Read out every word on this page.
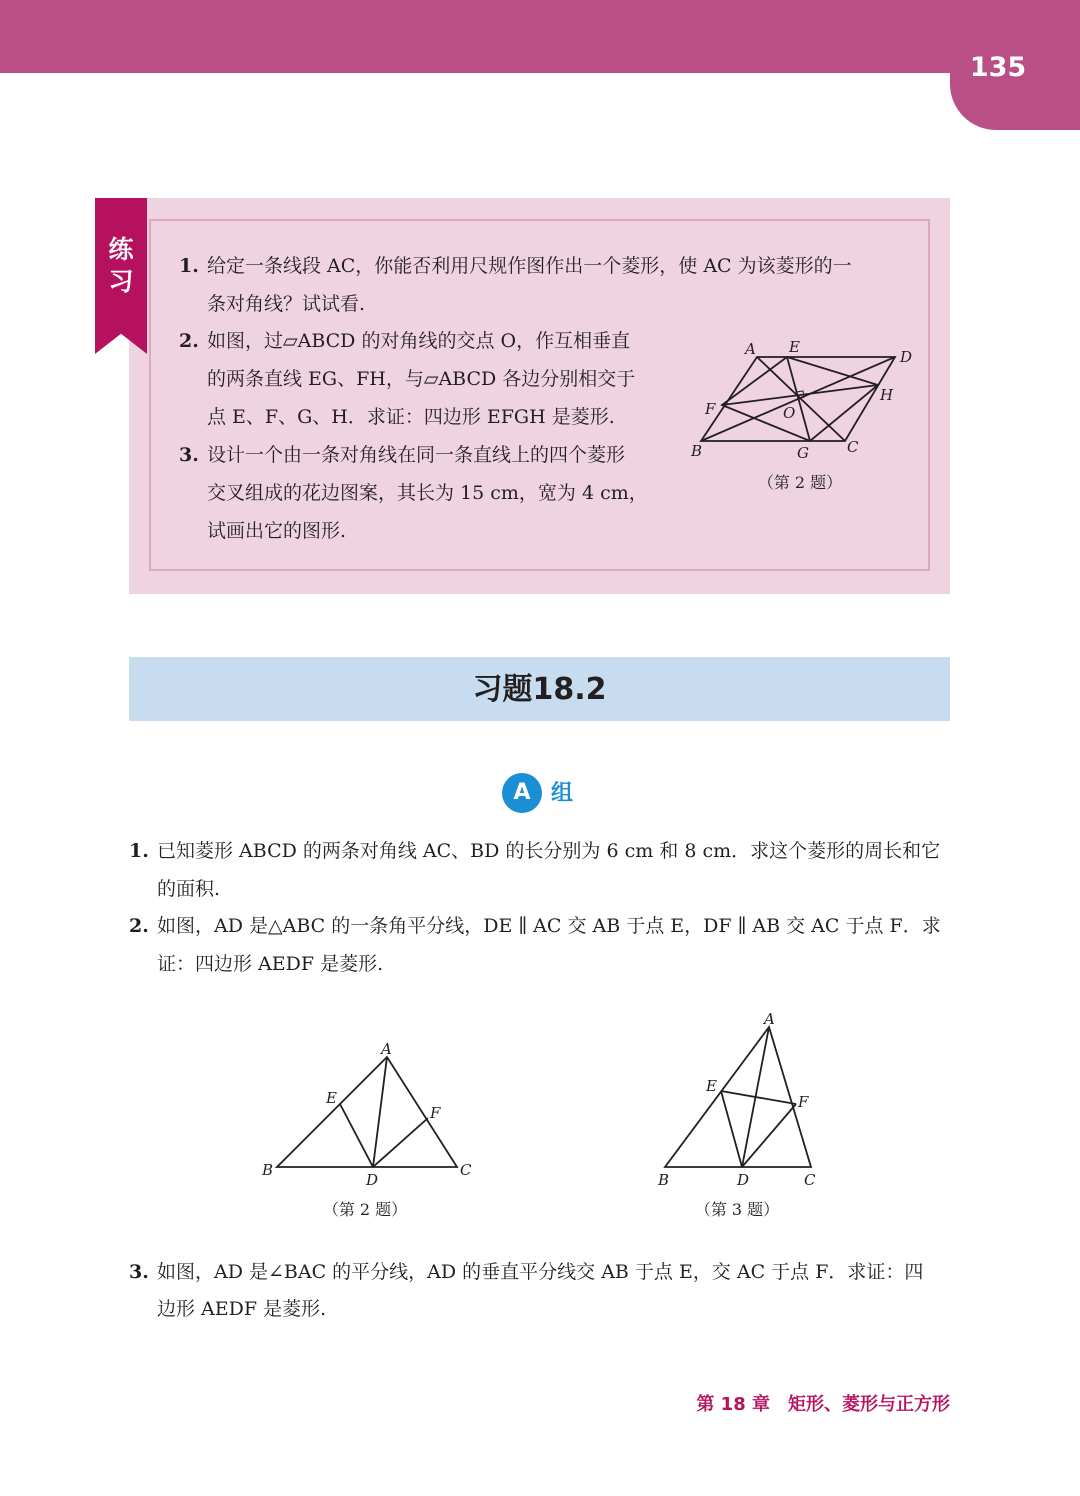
135
练
习
1. 给定一条线段 AC，你能否利用尺规作图作出一个菱形，使 AC 为该菱形的一
条对角线？试试看.
2. 如图，过▱ABCD 的对角线的交点 O，作互相垂直
的两条直线 EG、FH，与▱ABCD 各边分别相交于
点 E、F、G、H．求证：四边形 EFGH 是菱形.
3. 设计一个由一条对角线在同一条直线上的四个菱形
交叉组成的花边图案，其长为 15 cm，宽为 4 cm，
试画出它的图形.
A E
D
F	O
H
B	G	C
（第 2 题）
习题18.2
A 组
1. 已知菱形 ABCD 的两条对角线 AC、BD 的长分别为 6 cm 和 8 cm．求这个菱形的周长和它
的面积.
2. 如图，AD 是△ABC 的一条角平分线，DE ∥ AC 交 AB 于点 E，DF ∥ AB 交 AC 于点 F．求
证：四边形 AEDF 是菱形.
A
E
F
B
D
C
（第 2 题）
A
E
F
B	D	C
（第 3 题）
3. 如图，AD 是∠BAC 的平分线，AD 的垂直平分线交 AB 于点 E，交 AC 于点 F．求证：四
边形 AEDF 是菱形.
第 18 章　矩形、菱形与正方形
